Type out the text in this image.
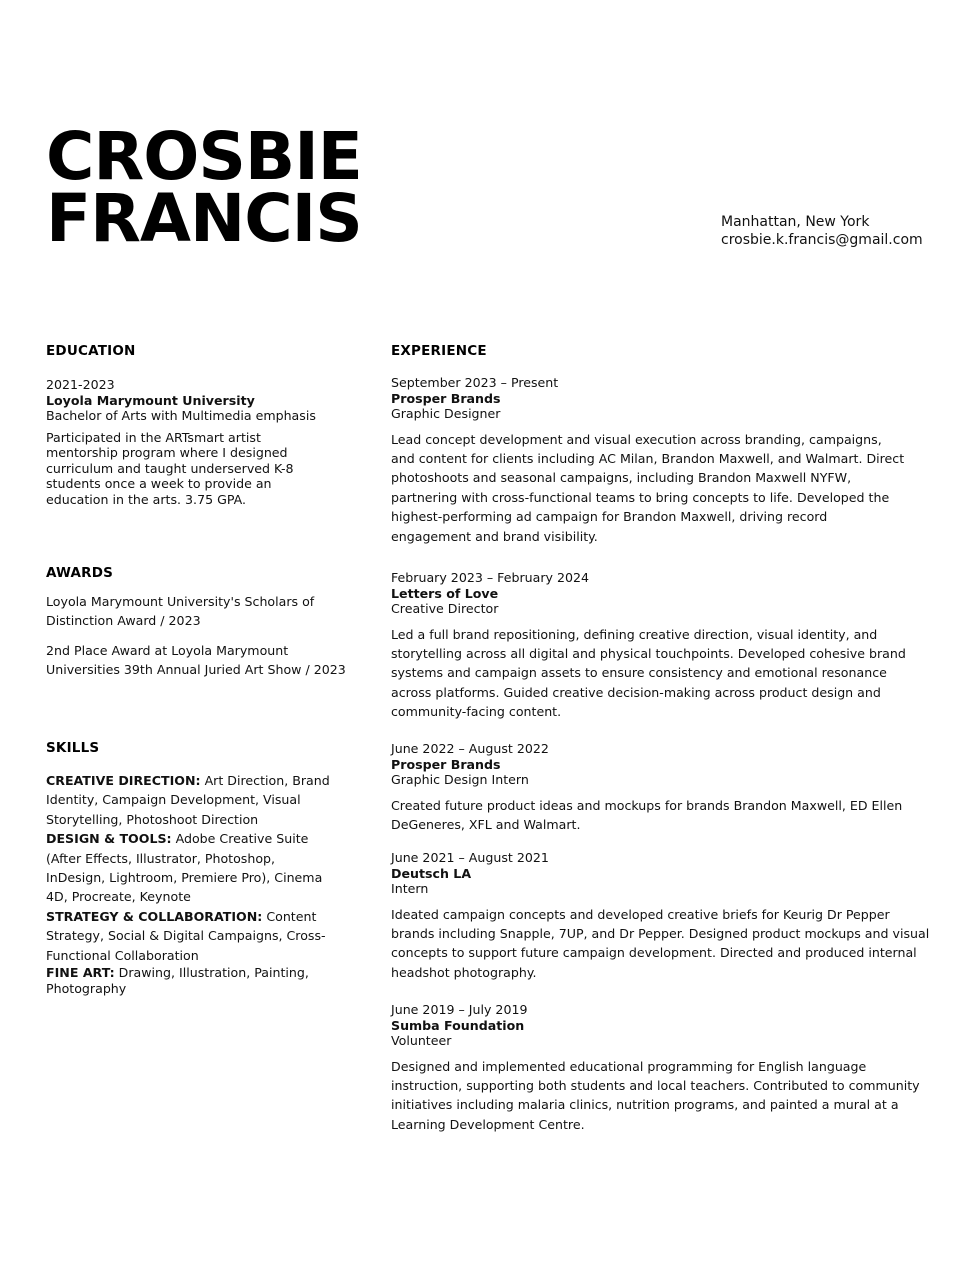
CROSBIE
FRANCIS	Manhattan, New York
crosbie.k.francis@gmail.com
EDUCATION
2021-2023
Loyola Marymount University
Bachelor of Arts with Multimedia emphasis
Participated in the ARTsmart artist mentorship program where I designed curriculum and taught underserved K-8 students once a week to provide an education in the arts. 3.75 GPA.
AWARDS
Loyola Marymount University's Scholars of Distinction Award / 2023
2nd Place Award at Loyola Marymount Universities 39th Annual Juried Art Show / 2023
SKILLS

CREATIVE DIRECTION: Art Direction, Brand Identity, Campaign Development, Visual Storytelling, Photoshoot Direction

DESIGN & TOOLS: Adobe Creative Suite (After Effects, Illustrator, Photoshop, InDesign, Lightroom, Premiere Pro), Cinema 4D, Procreate, Keynote

STRATEGY & COLLABORATION: Content Strategy, Social & Digital Campaigns, Cross-Functional Collaboration

FINE ART: Drawing, Illustration, Painting, Photography

EXPERIENCE

September 2023 – Present

Prosper Brands

Graphic Designer

Lead concept development and visual execution across branding, campaigns, and content for clients including AC Milan, Brandon Maxwell, and Walmart. Direct photoshoots and seasonal campaigns, including Brandon Maxwell NYFW, partnering with cross-functional teams to bring concepts to life. Developed the highest-performing ad campaign for Brandon Maxwell, driving record engagement and brand visibility.

February 2023 – February 2024

Letters of Love

Creative Director

Led a full brand repositioning, defining creative direction, visual identity, and storytelling across all digital and physical touchpoints. Developed cohesive brand systems and campaign assets to ensure consistency and emotional resonance across platforms. Guided creative decision-making across product design and community-facing content.

June 2022 – August 2022

Prosper Brands

Graphic Design Intern

Created future product ideas and mockups for brands Brandon Maxwell, ED Ellen DeGeneres, XFL and Walmart.

June 2021 – August 2021

Deutsch LA

Intern

Ideated campaign concepts and developed creative briefs for Keurig Dr Pepper brands including Snapple, 7UP, and Dr Pepper. Designed product mockups and visual concepts to support future campaign development. Directed and produced internal headshot photography.

June 2019 – July 2019

Sumba Foundation

Volunteer

Designed and implemented educational programming for English language instruction, supporting both students and local teachers. Contributed to community initiatives including malaria clinics, nutrition programs, and painted a mural at a Learning Development Centre.
